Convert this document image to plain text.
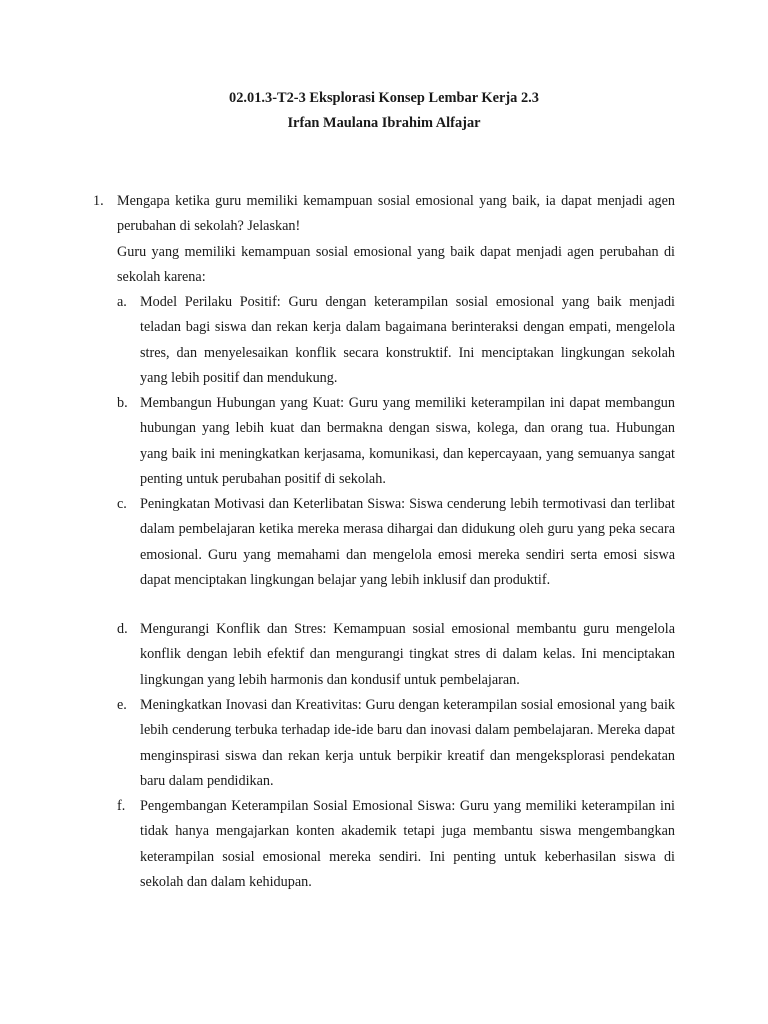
02.01.3-T2-3 Eksplorasi Konsep Lembar Kerja 2.3
Irfan Maulana Ibrahim Alfajar
1. Mengapa ketika guru memiliki kemampuan sosial emosional yang baik, ia dapat menjadi agen perubahan di sekolah? Jelaskan!
Guru yang memiliki kemampuan sosial emosional yang baik dapat menjadi agen perubahan di sekolah karena:
a. Model Perilaku Positif: Guru dengan keterampilan sosial emosional yang baik menjadi teladan bagi siswa dan rekan kerja dalam bagaimana berinteraksi dengan empati, mengelola stres, dan menyelesaikan konflik secara konstruktif. Ini menciptakan lingkungan sekolah yang lebih positif dan mendukung.
b. Membangun Hubungan yang Kuat: Guru yang memiliki keterampilan ini dapat membangun hubungan yang lebih kuat dan bermakna dengan siswa, kolega, dan orang tua. Hubungan yang baik ini meningkatkan kerjasama, komunikasi, dan kepercayaan, yang semuanya sangat penting untuk perubahan positif di sekolah.
c. Peningkatan Motivasi dan Keterlibatan Siswa: Siswa cenderung lebih termotivasi dan terlibat dalam pembelajaran ketika mereka merasa dihargai dan didukung oleh guru yang peka secara emosional. Guru yang memahami dan mengelola emosi mereka sendiri serta emosi siswa dapat menciptakan lingkungan belajar yang lebih inklusif dan produktif.
d. Mengurangi Konflik dan Stres: Kemampuan sosial emosional membantu guru mengelola konflik dengan lebih efektif dan mengurangi tingkat stres di dalam kelas. Ini menciptakan lingkungan yang lebih harmonis dan kondusif untuk pembelajaran.
e. Meningkatkan Inovasi dan Kreativitas: Guru dengan keterampilan sosial emosional yang baik lebih cenderung terbuka terhadap ide-ide baru dan inovasi dalam pembelajaran. Mereka dapat menginspirasi siswa dan rekan kerja untuk berpikir kreatif dan mengeksplorasi pendekatan baru dalam pendidikan.
f. Pengembangan Keterampilan Sosial Emosional Siswa: Guru yang memiliki keterampilan ini tidak hanya mengajarkan konten akademik tetapi juga membantu siswa mengembangkan keterampilan sosial emosional mereka sendiri. Ini penting untuk keberhasilan siswa di sekolah dan dalam kehidupan.
